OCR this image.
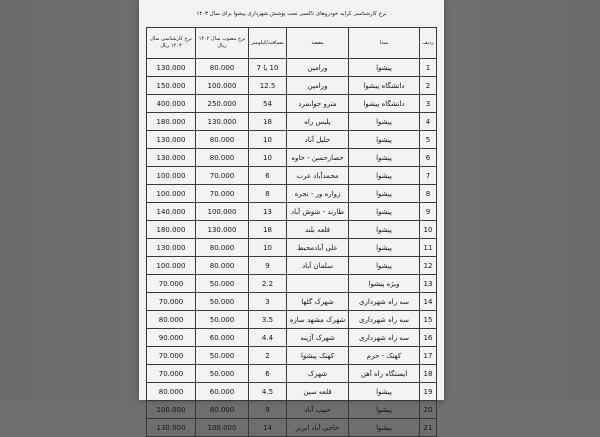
نرخ کارشناسی کرایه خودروهای تاکسی تحت پوشش شهرداری پیشوا برای سال ۱۴۰۳
ردیف	مبدا	مقصد	مسافت/کیلومتر	نرخ مصوب سال ۱۴۰۲ ریال	نرخ کارشناسی سال ۱۴۰۳ ریال
1	پیشوا	ورامین	10 یا 7	80.000	130.000
2	دانشگاه پیشوا	ورامین	12.5	100.000	150.000
3	دانشگاه پیشوا	مترو جوانمرد	54	250.000	400.000
4	پیشوا	پلیس راه	18	130.000	180.000
5	پیشوا	جلیل آباد	10	80.000	130.000
6	پیشوا	حصارحسن - خاوه	10	80.000	130.000
7	پیشوا	محمدآباد عرب	6	70.000	100.000
8	پیشوا	زواره ور - نجره	8	70.000	100.000
9	پیشوا	طارند - شوش آباد	13	100.000	140.000
10	پیشوا	قلعه بلند	18	130.000	180.000
11	پیشوا	علی آبادمحیط	10	80.000	130.000
12	پیشوا	سلمان آباد	9	80.000	100.000
13	ویژه پیشوا		2.2	50.000	70.000
14	سه راه شهرداری	شهرک گلها	3	50.000	70.000
15	سه راه شهرداری	شهرک مشهد سازه	3.5	50.000	80.000
16	سه راه شهرداری	شهرک آژینه	4.4	60.000	90.000
17	کهنک - حرم	کهنک پیشوا	2	50.000	70.000
18	ایستگاه راه آهن	شهرک	6	50.000	70.000
19	پیشوا	قلعه سین	4.5	60.000	80.000
20	پیشوا	حبیب آباد	9	80.000	100.000
21	پیشوا	حاجی آباد ابرنز	14	100.000	130.000
